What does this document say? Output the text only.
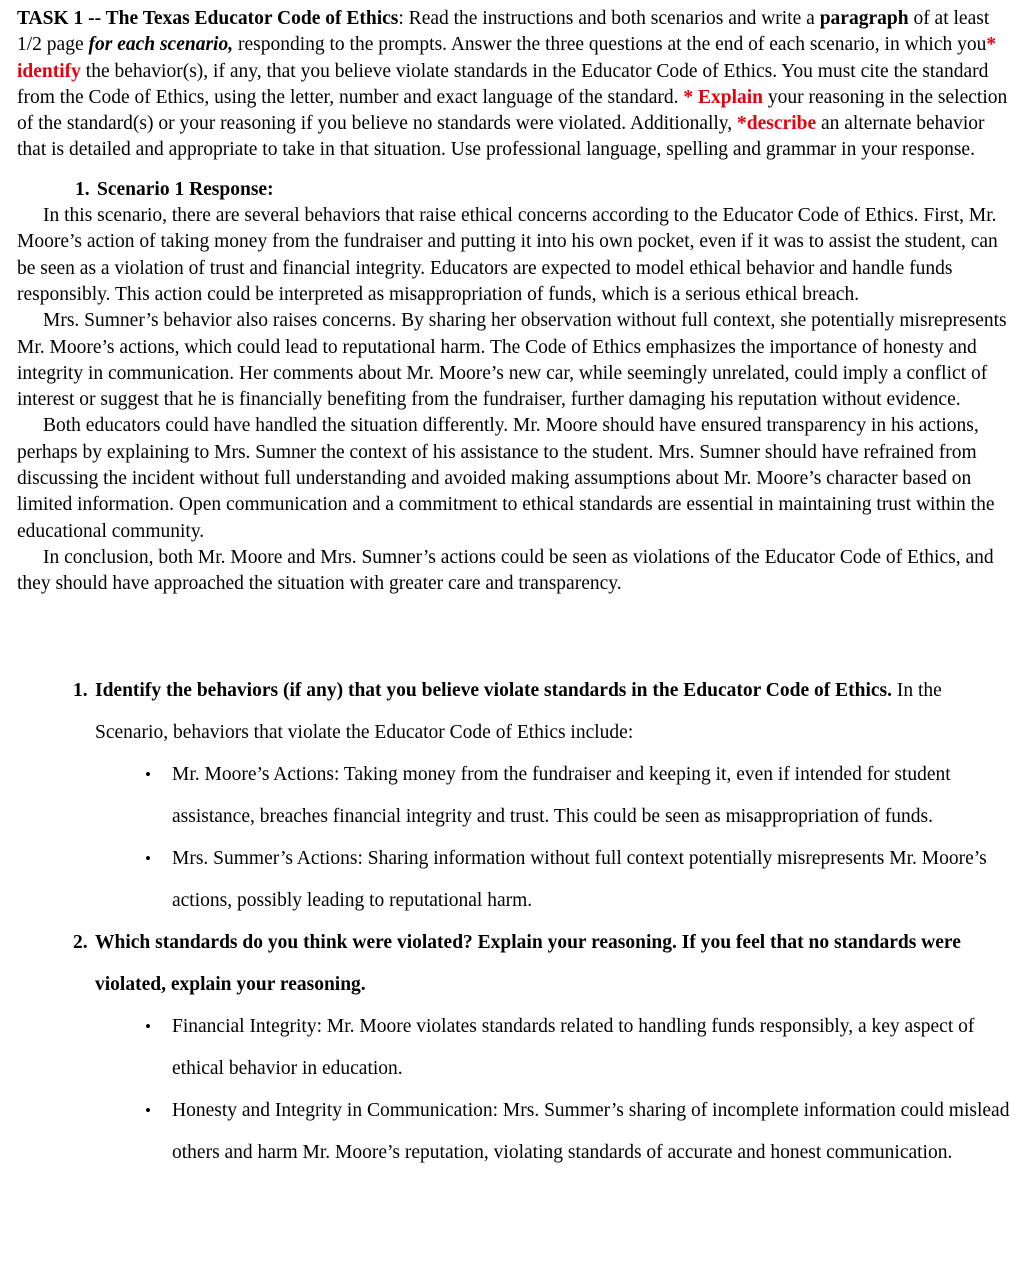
TASK 1 -- The Texas Educator Code of Ethics: Read the instructions and both scenarios and write a paragraph of at least 1/2 page for each scenario, responding to the prompts. Answer the three questions at the end of each scenario, in which you* identify the behavior(s), if any, that you believe violate standards in the Educator Code of Ethics. You must cite the standard from the Code of Ethics, using the letter, number and exact language of the standard. * Explain your reasoning in the selection of the standard(s) or your reasoning if you believe no standards were violated. Additionally, *describe an alternate behavior that is detailed and appropriate to take in that situation. Use professional language, spelling and grammar in your response.

1. Scenario 1 Response:

In this scenario, there are several behaviors that raise ethical concerns according to the Educator Code of Ethics. First, Mr. Moore’s action of taking money from the fundraiser and putting it into his own pocket, even if it was to assist the student, can be seen as a violation of trust and financial integrity. Educators are expected to model ethical behavior and handle funds responsibly. This action could be interpreted as misappropriation of funds, which is a serious ethical breach.

Mrs. Sumner’s behavior also raises concerns. By sharing her observation without full context, she potentially misrepresents Mr. Moore’s actions, which could lead to reputational harm. The Code of Ethics emphasizes the importance of honesty and integrity in communication. Her comments about Mr. Moore’s new car, while seemingly unrelated, could imply a conflict of interest or suggest that he is financially benefiting from the fundraiser, further damaging his reputation without evidence.

Both educators could have handled the situation differently. Mr. Moore should have ensured transparency in his actions, perhaps by explaining to Mrs. Sumner the context of his assistance to the student. Mrs. Sumner should have refrained from discussing the incident without full understanding and avoided making assumptions about Mr. Moore’s character based on limited information. Open communication and a commitment to ethical standards are essential in maintaining trust within the educational community.

In conclusion, both Mr. Moore and Mrs. Sumner’s actions could be seen as violations of the Educator Code of Ethics, and they should have approached the situation with greater care and transparency.

1. Identify the behaviors (if any) that you believe violate standards in the Educator Code of Ethics. In the Scenario, behaviors that violate the Educator Code of Ethics include:

• Mr. Moore’s Actions: Taking money from the fundraiser and keeping it, even if intended for student assistance, breaches financial integrity and trust. This could be seen as misappropriation of funds.

• Mrs. Summer’s Actions: Sharing information without full context potentially misrepresents Mr. Moore’s actions, possibly leading to reputational harm.

2. Which standards do you think were violated? Explain your reasoning. If you feel that no standards were violated, explain your reasoning.

• Financial Integrity: Mr. Moore violates standards related to handling funds responsibly, a key aspect of ethical behavior in education.

• Honesty and Integrity in Communication: Mrs. Summer’s sharing of incomplete information could mislead others and harm Mr. Moore’s reputation, violating standards of accurate and honest communication.
